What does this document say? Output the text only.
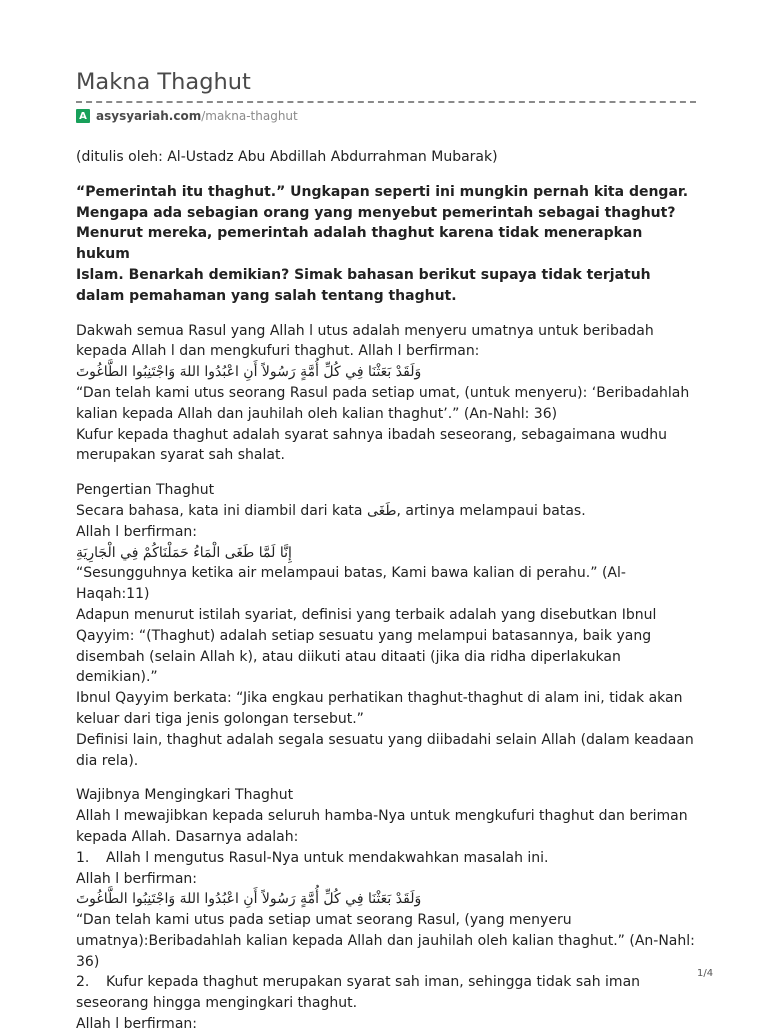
Makna Thaghut
A asysyariah.com /makna-thaghut

(ditulis oleh: Al-Ustadz Abu Abdillah Abdurrahman Mubarak)

“Pemerintah itu thaghut.” Ungkapan seperti ini mungkin pernah kita dengar.

Mengapa ada sebagian orang yang menyebut pemerintah sebagai thaghut?

Menurut mereka, pemerintah adalah thaghut karena tidak menerapkan hukum

Islam. Benarkah demikian? Simak bahasan berikut supaya tidak terjatuh

dalam pemahaman yang salah tentang thaghut.

Dakwah semua Rasul yang Allah l utus adalah menyeru umatnya untuk beribadah

kepada Allah l dan mengkufuri thaghut. Allah l berfirman:

وَلَقَدْ بَعَثْنَا فِي كُلِّ أُمَّةٍ رَسُولاً أَنِ اعْبُدُوا اللهَ وَاجْتَنِبُوا الطَّاغُوتَ

“Dan telah kami utus seorang Rasul pada setiap umat, (untuk menyeru): ‘Beribadahlah

kalian kepada Allah dan jauhilah oleh kalian thaghut’.” (An-Nahl: 36)

Kufur kepada thaghut adalah syarat sahnya ibadah seseorang, sebagaimana wudhu

merupakan syarat sah shalat.

Pengertian Thaghut

Secara bahasa, kata ini diambil dari kata طَغَى, artinya melampaui batas.

Allah l berfirman:

إِنَّا لَمَّا طَغَى الْمَاءُ حَمَلْنَاكُمْ فِي الْجَارِيَةِ

“Sesungguhnya ketika air melampaui batas, Kami bawa kalian di perahu.” (Al-Haqah:11)

Adapun menurut istilah syariat, definisi yang terbaik adalah yang disebutkan Ibnul

Qayyim: “(Thaghut) adalah setiap sesuatu yang melampui batasannya, baik yang

disembah (selain Allah k), atau diikuti atau ditaati (jika dia ridha diperlakukan demikian).”

Ibnul Qayyim berkata: “Jika engkau perhatikan thaghut-thaghut di alam ini, tidak akan

keluar dari tiga jenis golongan tersebut.”

Definisi lain, thaghut adalah segala sesuatu yang diibadahi selain Allah (dalam keadaan

dia rela).

Wajibnya Mengingkari Thaghut

Allah l mewajibkan kepada seluruh hamba-Nya untuk mengkufuri thaghut dan beriman

kepada Allah. Dasarnya adalah:

1.	Allah l mengutus Rasul-Nya untuk mendakwahkan masalah ini.

Allah l berfirman:

وَلَقَدْ بَعَثْنَا فِي كُلِّ أُمَّةٍ رَسُولاً أَنِ اعْبُدُوا اللهَ وَاجْتَنِبُوا الطَّاغُوتَ

“Dan telah kami utus pada setiap umat seorang Rasul, (yang menyeru

umatnya):Beribadahlah kalian kepada Allah dan jauhilah oleh kalian thaghut.” (An-Nahl:

36)

2.	Kufur kepada thaghut merupakan syarat sah iman, sehingga tidak sah iman

seseorang hingga mengingkari thaghut.

Allah l berfirman:

1/4
